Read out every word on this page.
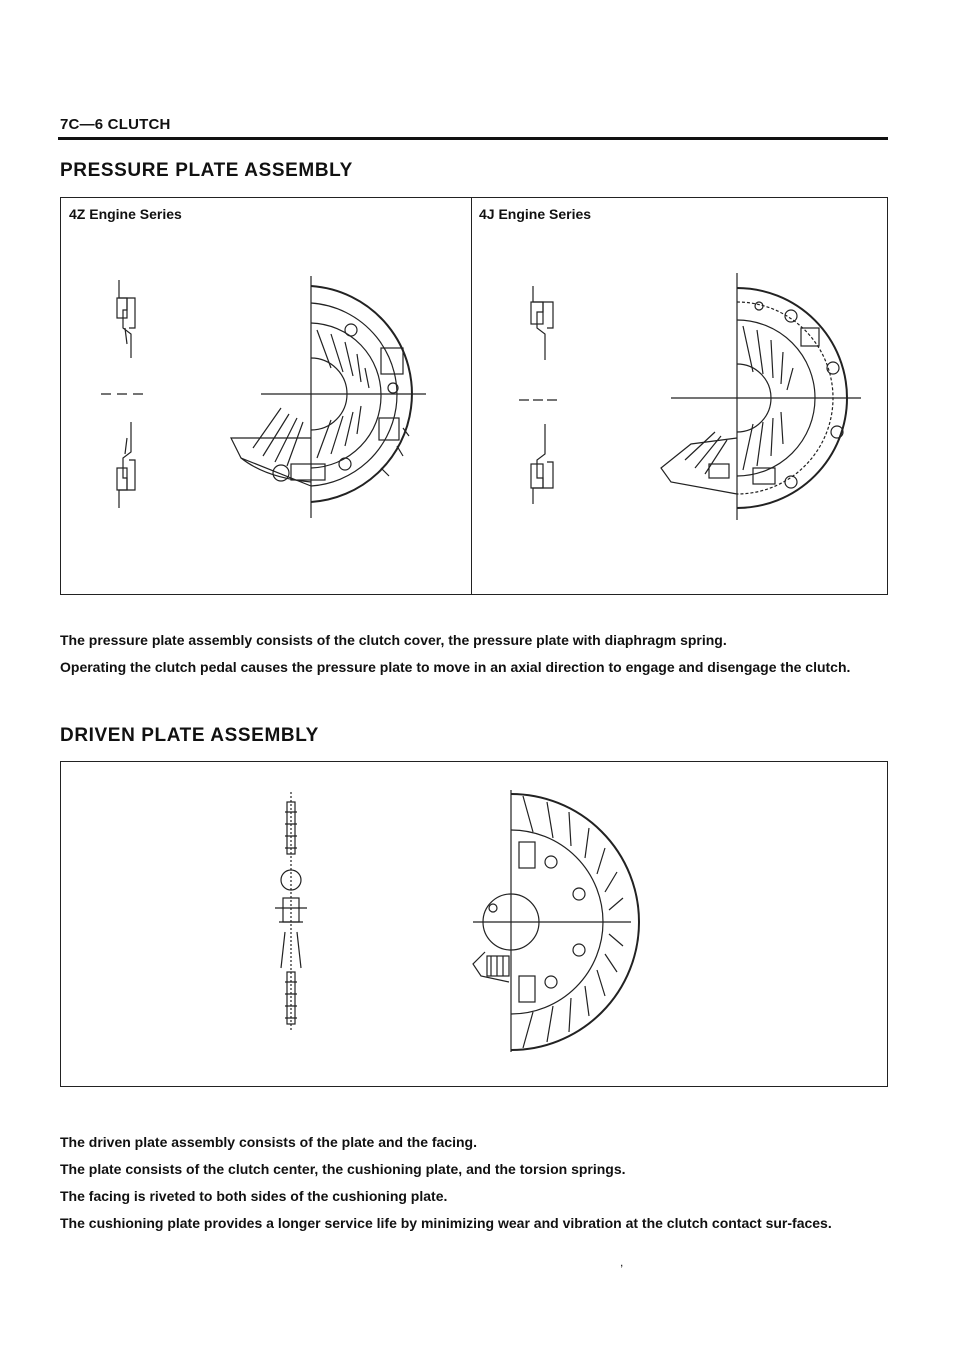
7C—6 CLUTCH
PRESSURE PLATE ASSEMBLY
4Z Engine Series	4J Engine Series

The pressure plate assembly consists of the clutch cover, the pressure plate with diaphragm spring.

Operating the clutch pedal causes the pressure plate to move in an axial direction to engage and disengage the clutch.

DRIVEN PLATE ASSEMBLY

The driven plate assembly consists of the plate and the facing.

The plate consists of the clutch center, the cushioning plate, and the torsion springs.

The facing is riveted to both sides of the cushioning plate.

The cushioning plate provides a longer service life by minimizing wear and vibration at the clutch contact sur-faces.

,
